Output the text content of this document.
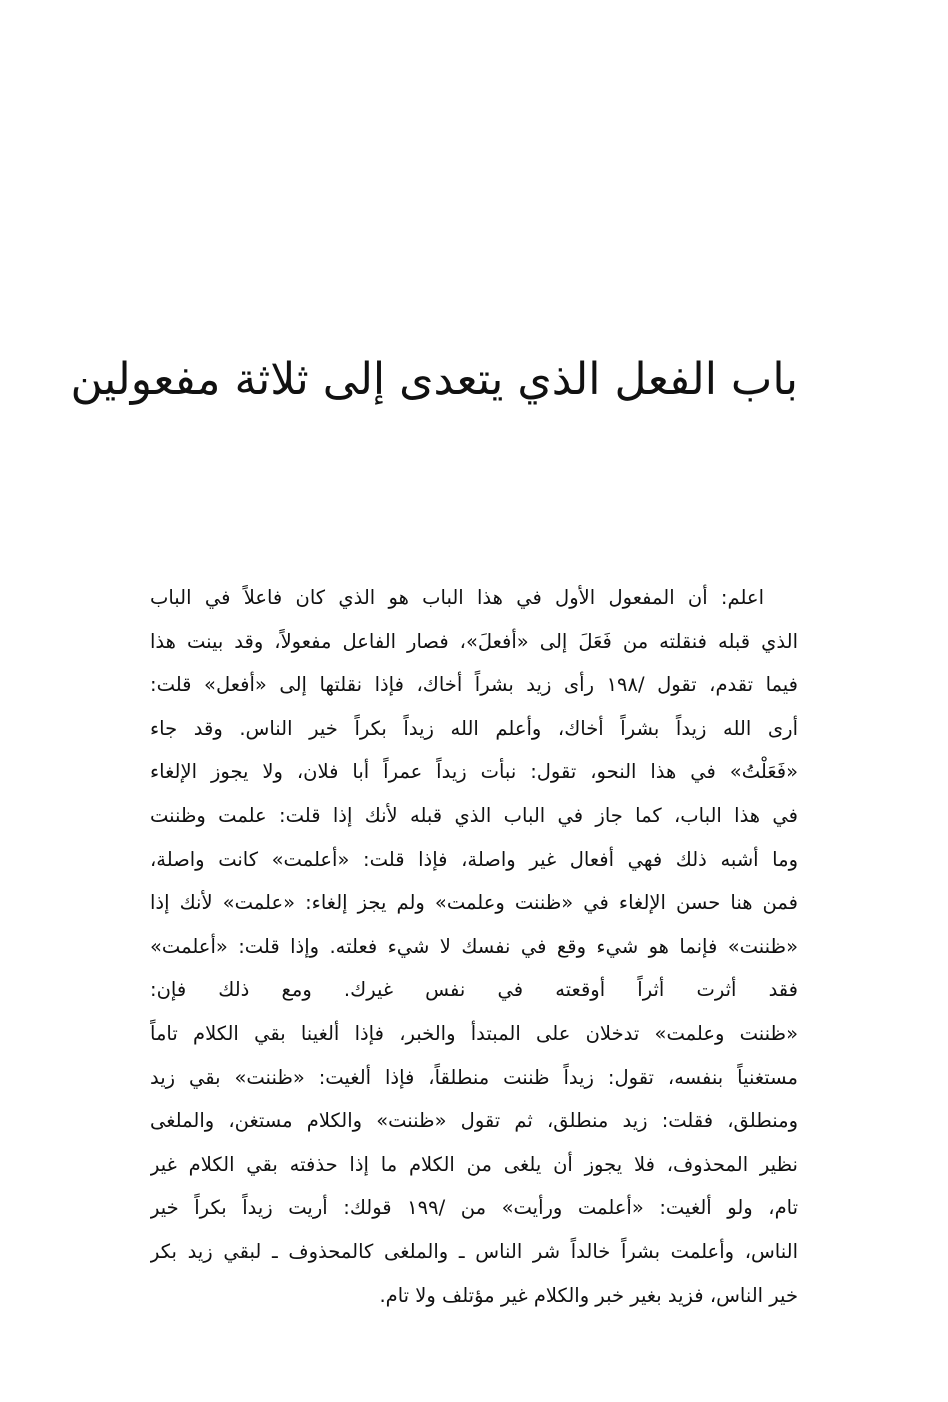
باب الفعل الذي يتعدى إلى ثلاثة مفعولين
اعلم: أن المفعول الأول في هذا الباب هو الذي كان فاعلاً في الباب
الذي قبله فنقلته من فَعَلَ إلى «أفعلَ»، فصار الفاعل مفعولاً، وقد بينت هذا
فيما تقدم، تقول /١٩٨ رأى زيد بشراً أخاك، فإذا نقلتها إلى «أفعل» قلت:
أرى الله زيداً بشراً أخاك، وأعلم الله زيداً بكراً خير الناس. وقد جاء
«فَعَلْتُ» في هذا النحو، تقول: نبأت زيداً عمراً أبا فلان، ولا يجوز الإلغاء
في هذا الباب، كما جاز في الباب الذي قبله لأنك إذا قلت: علمت وظننت
وما أشبه ذلك فهي أفعال غير واصلة، فإذا قلت: «أعلمت» كانت واصلة،
فمن هنا حسن الإلغاء في «ظننت وعلمت» ولم يجز إلغاء: «علمت» لأنك إذا
«ظننت» فإنما هو شيء وقع في نفسك لا شيء فعلته. وإذا قلت: «أعلمت»
فقد أثرت أثراً أوقعته في نفس غيرك. ومع ذلك فإن:
«ظننت وعلمت» تدخلان على المبتدأ والخبر، فإذا ألغينا بقي الكلام تاماً
مستغنياً بنفسه، تقول: زيداً ظننت منطلقاً، فإذا ألغيت: «ظننت» بقي زيد
ومنطلق، فقلت: زيد منطلق، ثم تقول «ظننت» والكلام مستغن، والملغى
نظير المحذوف، فلا يجوز أن يلغى من الكلام ما إذا حذفته بقي الكلام غير
تام، ولو ألغيت: «أعلمت ورأيت» من /١٩٩ قولك: أريت زيداً بكراً خير
الناس، وأعلمت بشراً خالداً شر الناس ـ والملغى كالمحذوف ـ لبقي زيد بكر
خير الناس، فزيد بغير خبر والكلام غير مؤتلف ولا تام.
